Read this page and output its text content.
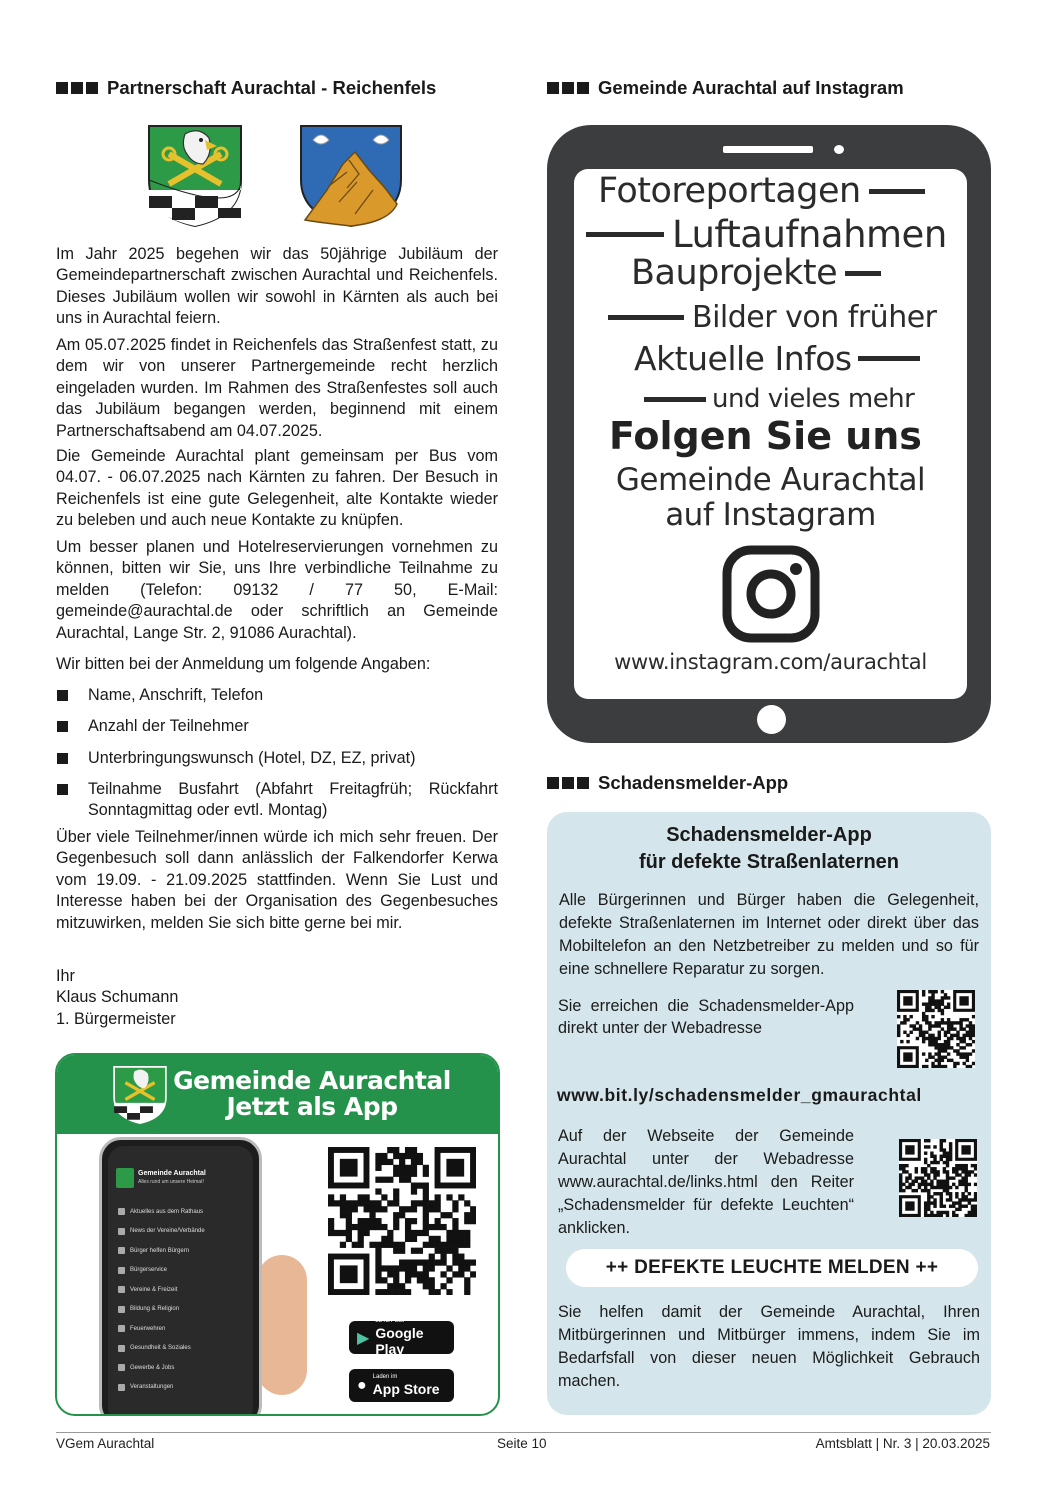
Partnerschaft Aurachtal - Reichenfels
Im Jahr 2025 begehen wir das 50jährige Jubiläum der Gemeindepartnerschaft zwischen Aurachtal und Reichenfels. Dieses Jubiläum wollen wir sowohl in Kärnten als auch bei uns in Aurachtal feiern.
Am 05.07.2025 findet in Reichenfels das Straßenfest statt, zu dem wir von unserer Partnergemeinde recht herzlich eingeladen wurden. Im Rahmen des Straßenfestes soll auch das Jubiläum begangen werden, beginnend mit einem Partnerschaftsabend am 04.07.2025.
Die Gemeinde Aurachtal plant gemeinsam per Bus vom 04.07. - 06.07.2025 nach Kärnten zu fahren. Der Besuch in Reichenfels ist eine gute Gelegenheit, alte Kontakte wieder zu beleben und auch neue Kontakte zu knüpfen.
Um besser planen und Hotelreservierungen vornehmen zu können, bitten wir Sie, uns Ihre verbindliche Teilnahme zu melden (Telefon: 09132 / 77 50, E-Mail: gemeinde@aurachtal.de oder schriftlich an Gemeinde Aurachtal, Lange Str. 2, 91086 Aurachtal).
Wir bitten bei der Anmeldung um folgende Angaben:
Name, Anschrift, Telefon
Anzahl der Teilnehmer
Unterbringungswunsch (Hotel, DZ, EZ, privat)
Teilnahme Busfahrt (Abfahrt Freitagfrüh; Rückfahrt Sonntagmittag oder evtl. Montag)
Über viele Teilnehmer/innen würde ich mich sehr freuen. Der Gegenbesuch soll dann anlässlich der Falkendorfer Kerwa vom 19.09. - 21.09.2025 stattfinden. Wenn Sie Lust und Interesse haben bei der Organisation des Gegenbesuches mitzuwirken, melden Sie sich bitte gerne bei mir.
Ihr
Klaus Schumann
1. Bürgermeister
Gemeinde Aurachtal
Jetzt als App
Gemeinde Aurachtal
Alles rund um unsere Heimat!
Aktuelles aus dem Rathaus
News der Vereine/Verbände
Bürger helfen Bürgern
Bürgerservice
Vereine & Freizeit
Bildung & Religion
Feuerwehren
Gesundheit & Soziales
Gewerbe & Jobs
Veranstaltungen
▶
JETZT BEI
Google Play
● Laden im
App Store
Gemeinde Aurachtal auf Instagram
Fotoreportagen
Luftaufnahmen
Bauprojekte
Bilder von früher
Aktuelle Infos
und vieles mehr
Folgen Sie uns
Gemeinde Aurachtal
auf Instagram
www.instagram.com/aurachtal
Schadensmelder-App
Schadensmelder-App
für defekte Straßenlaternen
Alle Bürgerinnen und Bürger haben die Gelegenheit, defekte Straßenlaternen im Internet oder direkt über das Mobiltelefon an den Netzbetreiber zu melden und so für eine schnellere Reparatur zu sorgen.
Sie erreichen die Schadensmelder-App direkt unter der Webadresse
www.bit.ly/schadensmelder_gmaurachtal
Auf der Webseite der Gemeinde Aurachtal unter der Webadresse www.aurachtal.de/links.html den Reiter „Schadensmelder für defekte Leuchten“ anklicken.
++ DEFEKTE LEUCHTE MELDEN ++
Sie helfen damit der Gemeinde Aurachtal, Ihren Mitbürgerinnen und Mitbürger immens, indem Sie im Bedarfsfall von dieser neuen Möglichkeit Gebrauch machen.
VGem Aurachtal	Seite 10	Amtsblatt | Nr. 3 | 20.03.2025
